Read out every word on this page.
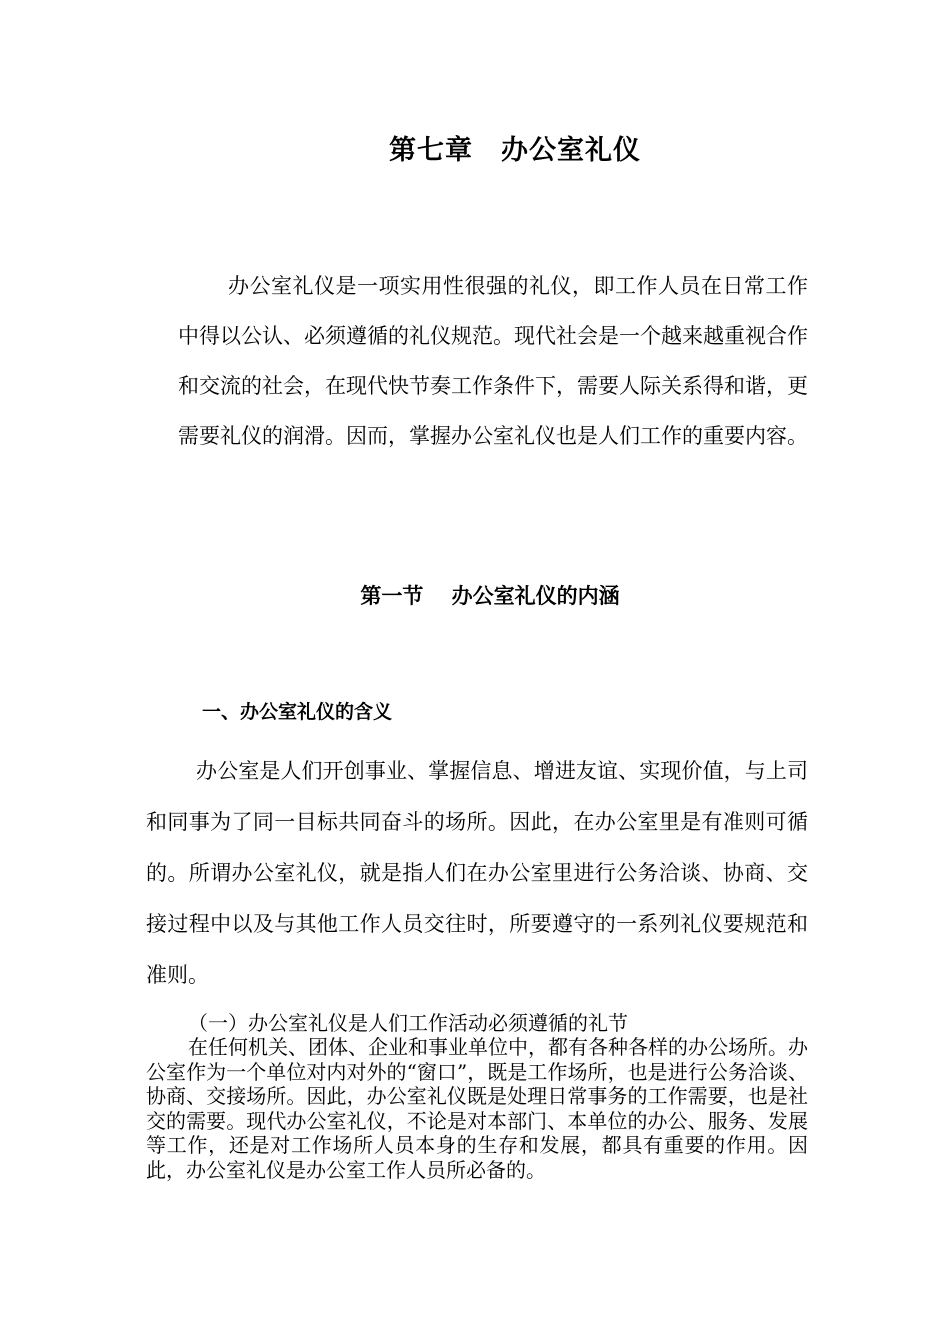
第七章　办公室礼仪

办公室礼仪是一项实用性很强的礼仪，即工作人员在日常工作中得以公认、必须遵循的礼仪规范。现代社会是一个越来越重视合作和交流的社会，在现代快节奏工作条件下，需要人际关系得和谐，更需要礼仪的润滑。因而，掌握办公室礼仪也是人们工作的重要内容。

第一节　 办公室礼仪的内涵
一、办公室礼仪的含义

办公室是人们开创事业、掌握信息、增进友谊、实现价值，与上司和同事为了同一目标共同奋斗的场所。因此，在办公室里是有准则可循的。所谓办公室礼仪，就是指人们在办公室里进行公务洽谈、协商、交接过程中以及与其他工作人员交往时，所要遵守的一系列礼仪要规范和准则。

（一）办公室礼仪是人们工作活动必须遵循的礼节

在任何机关、团体、企业和事业单位中，都有各种各样的办公场所。办公室作为一个单位对内对外的“窗口”，既是工作场所，也是进行公务洽谈、协商、交接场所。因此，办公室礼仪既是处理日常事务的工作需要，也是社交的需要。现代办公室礼仪，不论是对本部门、本单位的办公、服务、发展等工作，还是对工作场所人员本身的生存和发展，都具有重要的作用。因此，办公室礼仪是办公室工作人员所必备的。
